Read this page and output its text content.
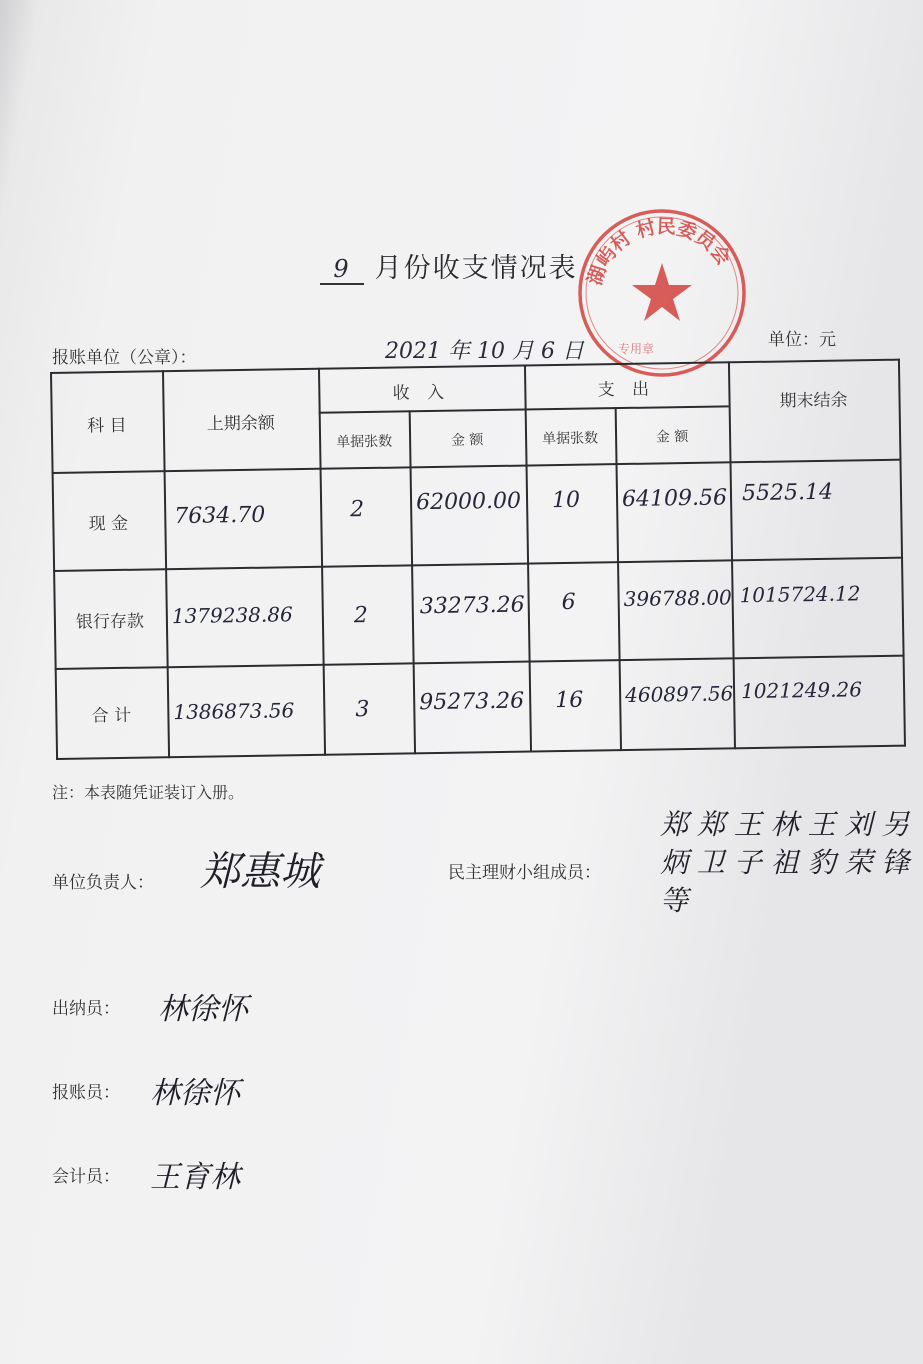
9 月份收支情况表
报账单位（公章）：	2021 年 10 月 6 日	单位：元
湖屿村 村民委员会
专用章
科 目	上期余额
收 入	支 出
期末结余
单据张数	金 额	单据张数	金 额
现 金	7634.70	2 62000.00 10 64109.56 5525.14
银行存款	1379238.86	2 33273.26 6 396788.00 1015724.12
合 计	1386873.56	3 95273.26 16 460897.56 1021249.26
注：本表随凭证装订入册。
单位负责人： 郑惠城	民主理财小组成员：
郑 郑 王 林 王 刘 另 炳 卫 子 祖 豹 荣 锋 等
出纳员： 林徐怀
报账员： 林徐怀
会计员： 王育林
